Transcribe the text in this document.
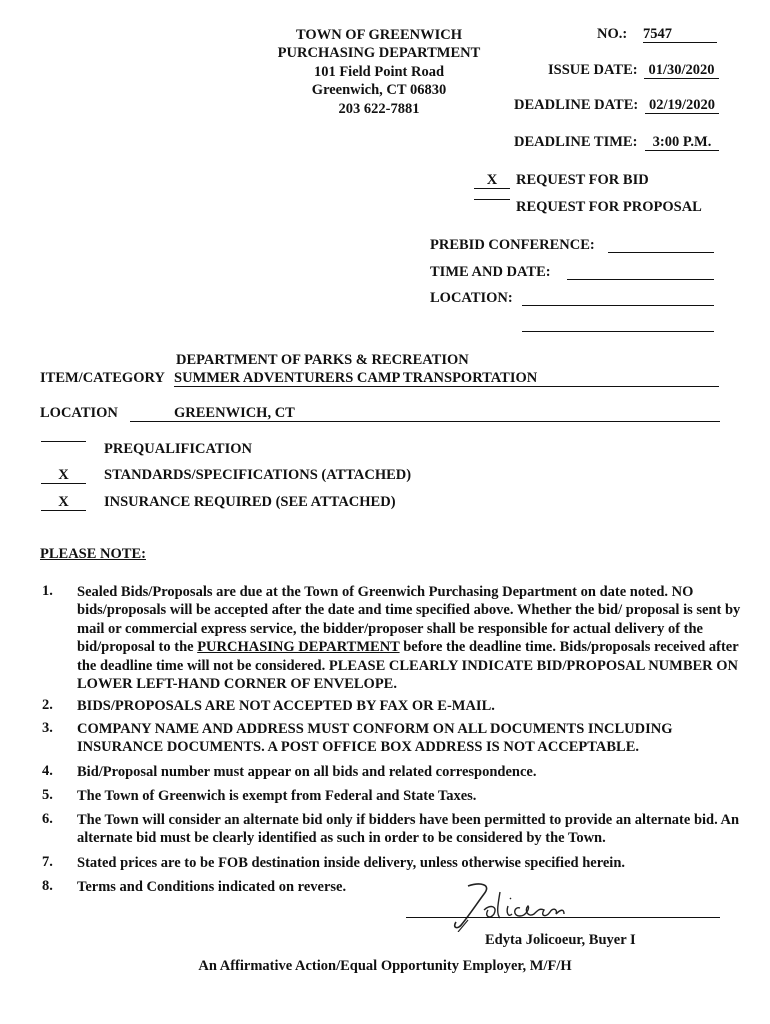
TOWN OF GREENWICH
PURCHASING DEPARTMENT
101 Field Point Road
Greenwich, CT 06830
203 622-7881
NO.: 7547
ISSUE DATE: 01/30/2020
DEADLINE DATE: 02/19/2020
DEADLINE TIME:	3:00 P.M.
X	REQUEST FOR BID
REQUEST FOR PROPOSAL
PREBID CONFERENCE:
TIME AND DATE:
LOCATION:
DEPARTMENT OF PARKS & RECREATION
ITEM/CATEGORY SUMMER ADVENTURERS CAMP TRANSPORTATION
LOCATION	GREENWICH, CT
PREQUALIFICATION
X	STANDARDS/SPECIFICATIONS (ATTACHED)
X	INSURANCE REQUIRED (SEE ATTACHED)
PLEASE NOTE:
1. Sealed Bids/Proposals are due at the Town of Greenwich Purchasing Department on date noted. NO bids/proposals will be accepted after the date and time specified above. Whether the bid/ proposal is sent by mail or commercial express service, the bidder/proposer shall be responsible for actual delivery of the bid/proposal to the PURCHASING DEPARTMENT before the deadline time. Bids/proposals received after the deadline time will not be considered. PLEASE CLEARLY INDICATE BID/PROPOSAL NUMBER ON LOWER LEFT-HAND CORNER OF ENVELOPE.
2. BIDS/PROPOSALS ARE NOT ACCEPTED BY FAX OR E-MAIL.
3. COMPANY NAME AND ADDRESS MUST CONFORM ON ALL DOCUMENTS INCLUDING INSURANCE DOCUMENTS. A POST OFFICE BOX ADDRESS IS NOT ACCEPTABLE.
4. Bid/Proposal number must appear on all bids and related correspondence.
5. The Town of Greenwich is exempt from Federal and State Taxes.
6. The Town will consider an alternate bid only if bidders have been permitted to provide an alternate bid. An alternate bid must be clearly identified as such in order to be considered by the Town.
7. Stated prices are to be FOB destination inside delivery, unless otherwise specified herein.
8. Terms and Conditions indicated on reverse.
Edyta Jolicoeur, Buyer I
An Affirmative Action/Equal Opportunity Employer, M/F/H
